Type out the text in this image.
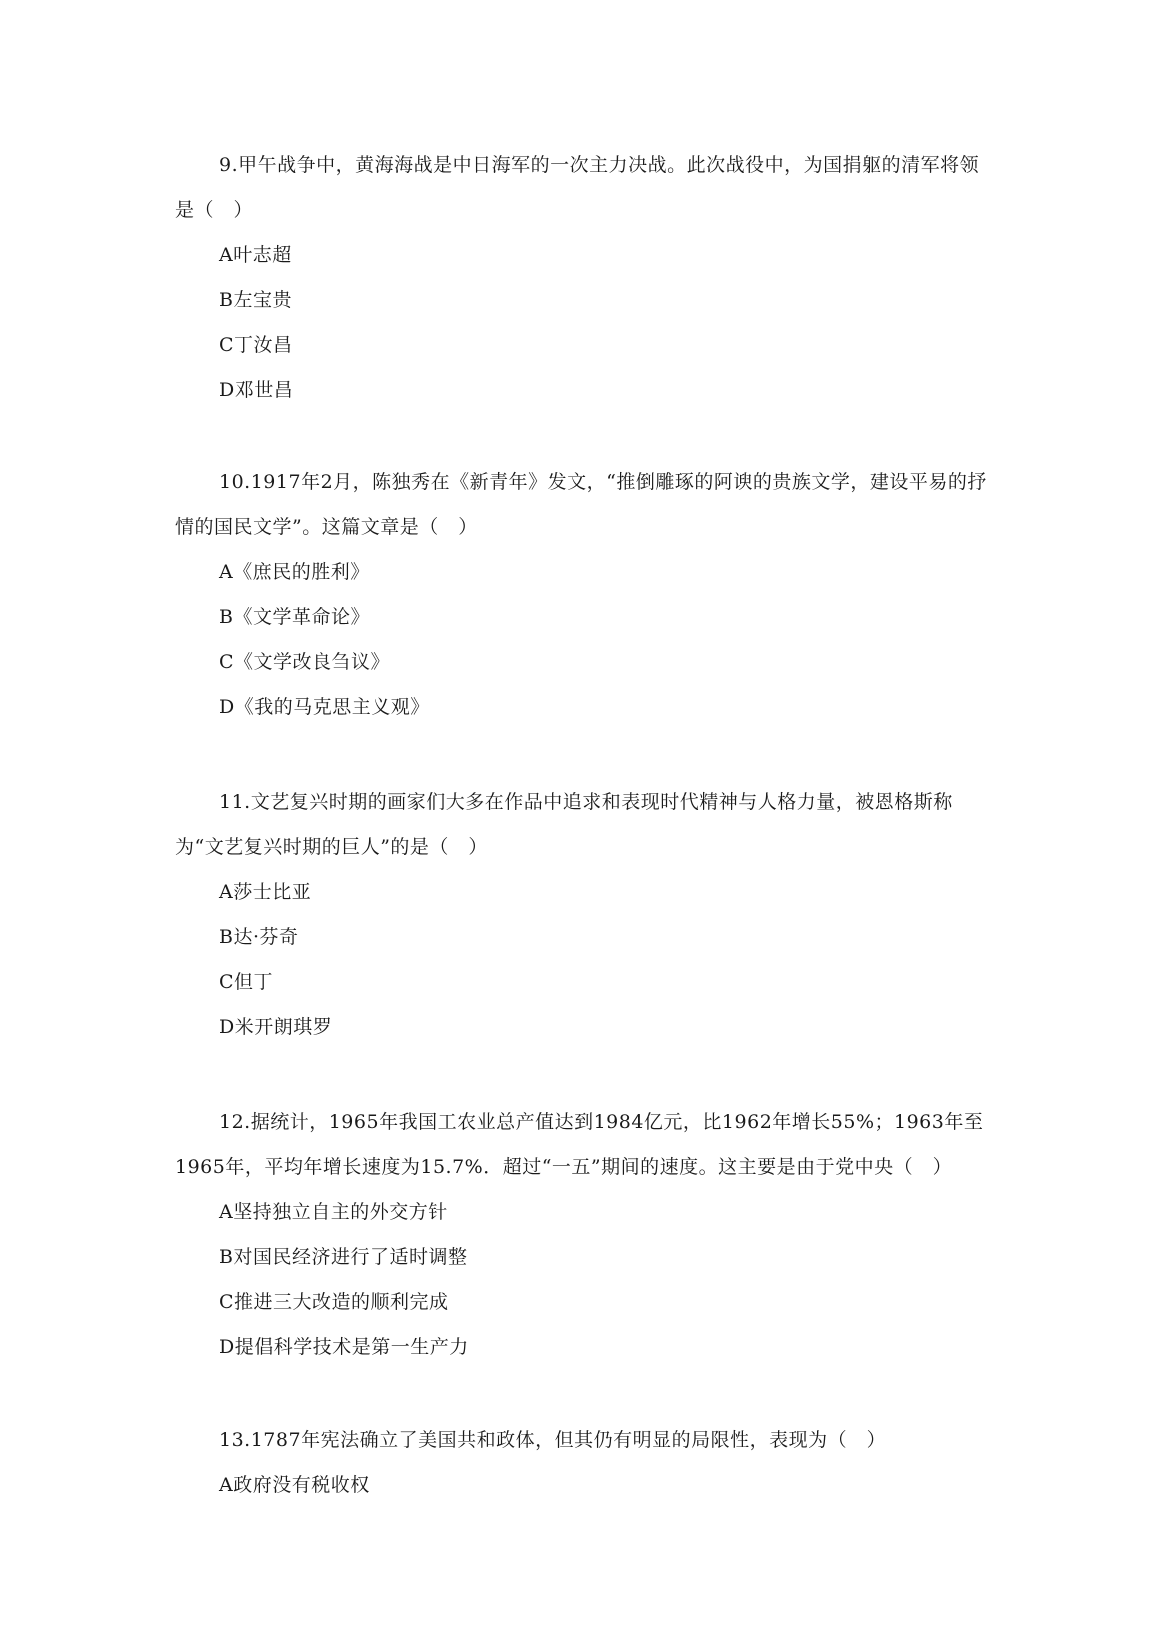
9.甲午战争中，黄海海战是中日海军的一次主力决战。此次战役中，为国捐躯的清军将领是（　）

A叶志超
B左宝贵
C丁汝昌
D邓世昌

10.1917年2月，陈独秀在《新青年》发文，“推倒雕琢的阿谀的贵族文学，建设平易的抒情的国民文学”。这篇文章是（　）

A《庶民的胜利》
B《文学革命论》
C《文学改良刍议》
D《我的马克思主义观》

11.文艺复兴时期的画家们大多在作品中追求和表现时代精神与人格力量，被恩格斯称为“文艺复兴时期的巨人”的是（　）

A莎士比亚
B达·芬奇
C但丁
D米开朗琪罗

12.据统计，1965年我国工农业总产值达到1984亿元，比1962年增长55%；1963年至1965年，平均年增长速度为15.7%．超过“一五”期间的速度。这主要是由于党中央（　）

A坚持独立自主的外交方针
B对国民经济进行了适时调整
C推进三大改造的顺利完成
D提倡科学技术是第一生产力

13.1787年宪法确立了美国共和政体，但其仍有明显的局限性，表现为（　）

A政府没有税收权
